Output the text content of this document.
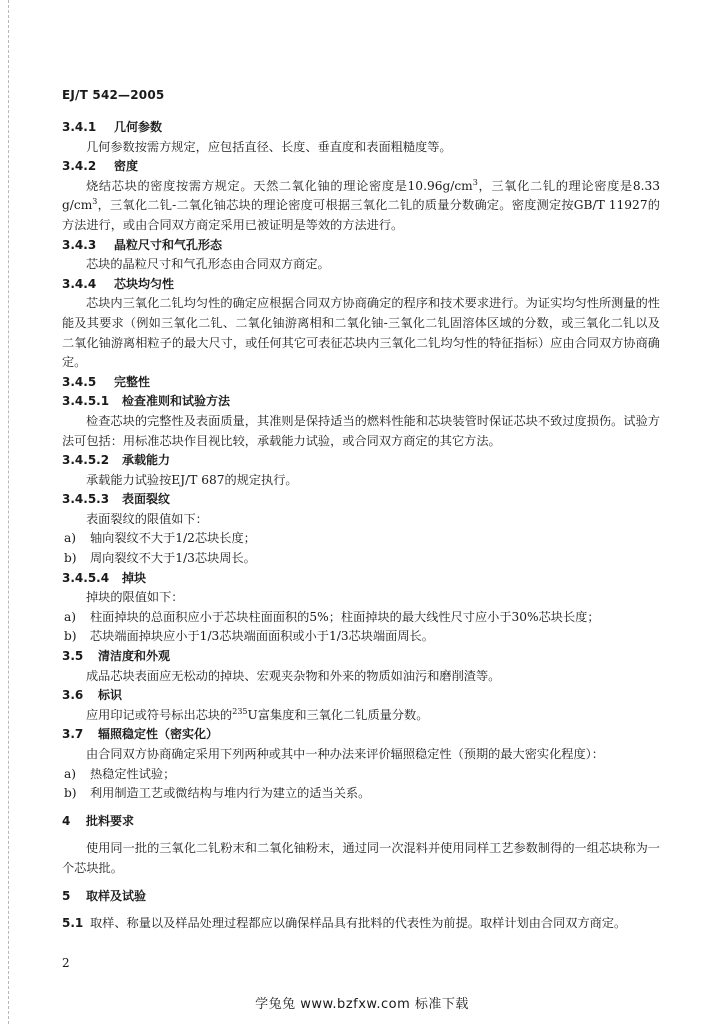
EJ/T 542—2005
3.4.1 几何参数
几何参数按需方规定，应包括直径、长度、垂直度和表面粗糙度等。
3.4.2 密度
烧结芯块的密度按需方规定。天然二氧化铀的理论密度是$10.96g/cm^3$，三氧化二钆的理论密度是8.33 $g/cm^3$，三氧化二钆-二氧化铀芯块的理论密度可根据三氧化二钆的质量分数确定。密度测定按GB/T 11927的方法进行，或由合同双方商定采用已被证明是等效的方法进行。
3.4.3 晶粒尺寸和气孔形态
芯块的晶粒尺寸和气孔形态由合同双方商定。
3.4.4 芯块均匀性
芯块内三氧化二钆均匀性的确定应根据合同双方协商确定的程序和技术要求进行。为证实均匀性所测量的性能及其要求（例如三氧化二钆、二氧化铀游离相和二氧化铀-三氧化二钆固溶体区域的分数，或三氧化二钆以及二氧化铀游离相粒子的最大尺寸，或任何其它可表征芯块内三氧化二钆均匀性的特征指标）应由合同双方协商确定。
3.4.5 完整性
3.4.5.1 检查准则和试验方法
检查芯块的完整性及表面质量，其准则是保持适当的燃料性能和芯块装管时保证芯块不致过度损伤。试验方法可包括：用标准芯块作目视比较，承载能力试验，或合同双方商定的其它方法。
3.4.5.2 承载能力
承载能力试验按EJ/T 687的规定执行。
3.4.5.3 表面裂纹
表面裂纹的限值如下：
a) 轴向裂纹不大于1/2芯块长度；
b) 周向裂纹不大于1/3芯块周长。
3.4.5.4 掉块
掉块的限值如下：
a) 柱面掉块的总面积应小于芯块柱面面积的5%；柱面掉块的最大线性尺寸应小于30%芯块长度；
b) 芯块端面掉块应小于1/3芯块端面面积或小于1/3芯块端面周长。
3.5 清洁度和外观
成品芯块表面应无松动的掉块、宏观夹杂物和外来的物质如油污和磨削渣等。
3.6 标识
应用印记或符号标出芯块的$^{235}$U富集度和三氧化二钆质量分数。
3.7 辐照稳定性（密实化）
由合同双方协商确定采用下列两种或其中一种办法来评价辐照稳定性（预期的最大密实化程度）：
a) 热稳定性试验；
b) 利用制造工艺或微结构与堆内行为建立的适当关系。
4 批料要求
使用同一批的三氧化二钆粉末和二氧化铀粉末，通过同一次混料并使用同样工艺参数制得的一组芯块称为一个芯块批。
5 取样及试验
5.1 取样、称量以及样品处理过程都应以确保样品具有批料的代表性为前提。取样计划由合同双方商定。
2
学兔兔 www.bzfxw.com 标准下载
